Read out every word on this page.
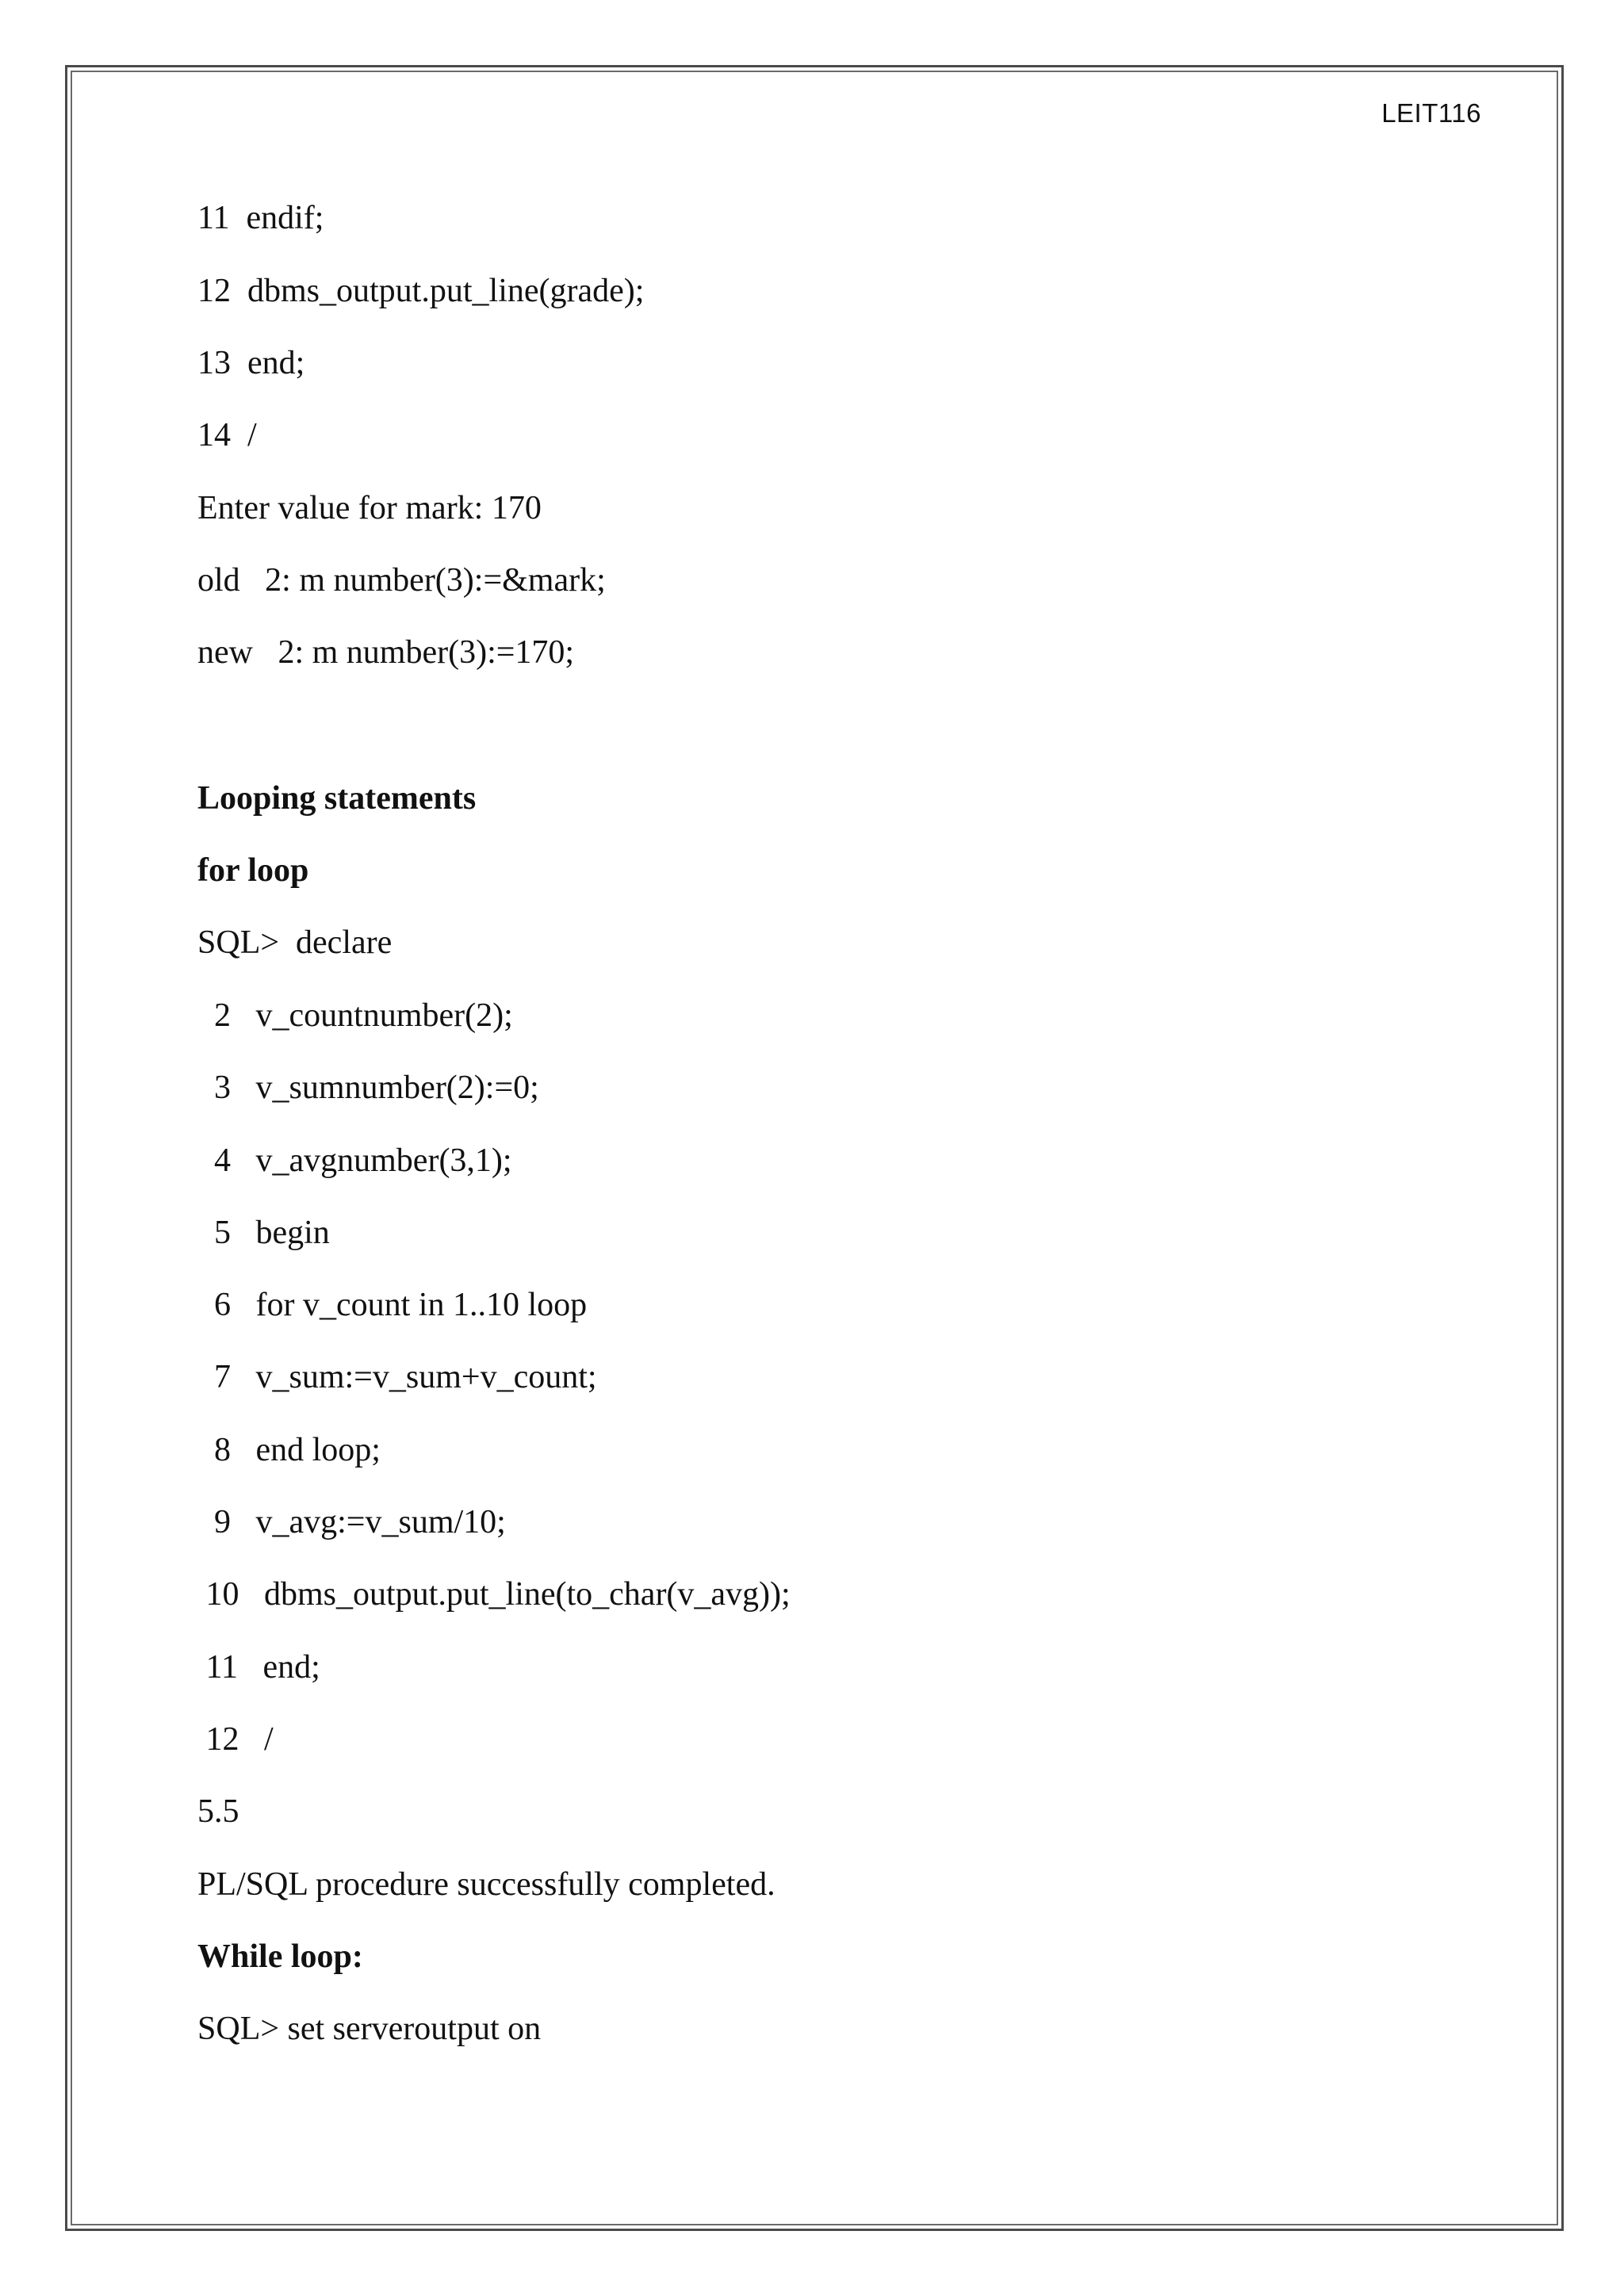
LEIT116
11  endif;
12  dbms_output.put_line(grade);
13  end;
14  /
Enter value for mark: 170
old   2: m number(3):=&mark;
new   2: m number(3):=170;
Looping statements
for loop
SQL>  declare
2   v_countnumber(2);
3   v_sumnumber(2):=0;
4   v_avgnumber(3,1);
5   begin
6   for v_count in 1..10 loop
7   v_sum:=v_sum+v_count;
8   end loop;
9   v_avg:=v_sum/10;
10   dbms_output.put_line(to_char(v_avg));
11   end;
12   /
5.5
PL/SQL procedure successfully completed.
While loop:
SQL> set serveroutput on
